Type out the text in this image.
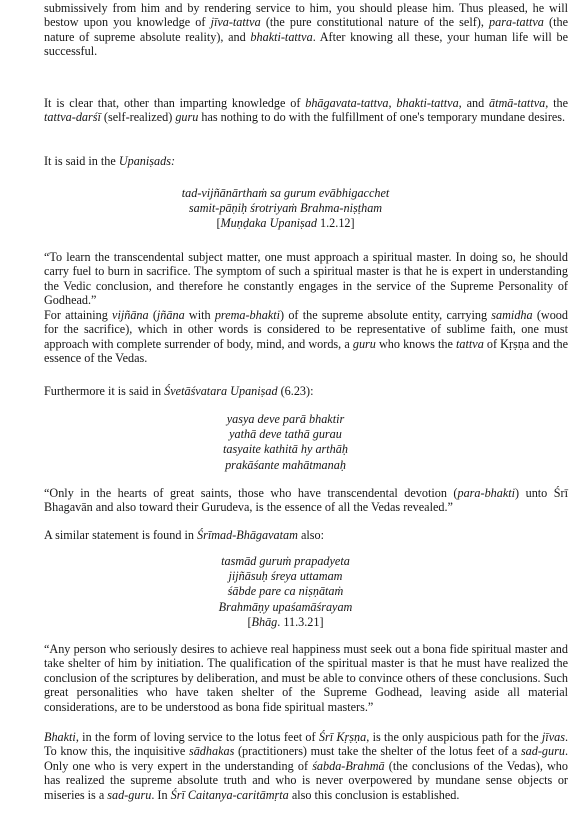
submissively from him and by rendering service to him, you should please him. Thus pleased, he will bestow upon you knowledge of jīva-tattva (the pure constitutional nature of the self), para-tattva (the nature of supreme absolute reality), and bhakti-tattva. After knowing all these, your human life will be successful.

It is clear that, other than imparting knowledge of bhāgavata-tattva, bhakti-tattva, and ātmā-tattva, the tattva-darśī (self-realized) guru has nothing to do with the fulfillment of one's temporary mundane desires.

It is said in the Upaniṣads:

tad-vijñānārthaṁ sa gurum evābhigacchet
samit-pāṇiḥ śrotriyaṁ Brahma-niṣṭham
[Muṇḍaka Upaniṣad 1.2.12]

“To learn the transcendental subject matter, one must approach a spiritual master. In doing so, he should carry fuel to burn in sacrifice. The symptom of such a spiritual master is that he is expert in understanding the Vedic conclusion, and therefore he constantly engages in the service of the Supreme Personality of Godhead.”

For attaining vijñāna (jñāna with prema-bhakti) of the supreme absolute entity, carrying samidha (wood for the sacrifice), which in other words is considered to be representative of sublime faith, one must approach with complete surrender of body, mind, and words, a guru who knows the tattva of Kṛṣṇa and the essence of the Vedas.

Furthermore it is said in Śvetāśvatara Upaniṣad (6.23):

yasya deve parā bhaktir
yathā deve tathā gurau
tasyaite kathitā hy arthāḥ
prakāśante mahātmanaḥ

“Only in the hearts of great saints, those who have transcendental devotion (para-bhakti) unto Śrī Bhagavān and also toward their Gurudeva, is the essence of all the Vedas revealed.”

A similar statement is found in Śrīmad-Bhāgavatam also:

tasmād guruṁ prapadyeta
jijñāsuḥ śreya uttamam
śābde pare ca niṣṇātaṁ
Brahmāṇy upaśamāśrayam
[Bhāg. 11.3.21]

“Any person who seriously desires to achieve real happiness must seek out a bona fide spiritual master and take shelter of him by initiation. The qualification of the spiritual master is that he must have realized the conclusion of the scriptures by deliberation, and must be able to convince others of these conclusions. Such great personalities who have taken shelter of the Supreme Godhead, leaving aside all material considerations, are to be understood as bona fide spiritual masters.”

Bhakti, in the form of loving service to the lotus feet of Śrī Kṛṣṇa, is the only auspicious path for the jīvas. To know this, the inquisitive sādhakas (practitioners) must take the shelter of the lotus feet of a sad-guru. Only one who is very expert in the understanding of śabda-Brahmā (the conclusions of the Vedas), who has realized the supreme absolute truth and who is never overpowered by mundane sense objects or miseries is a sad-guru. In Śrī Caitanya-caritāmṛta also this conclusion is established.
